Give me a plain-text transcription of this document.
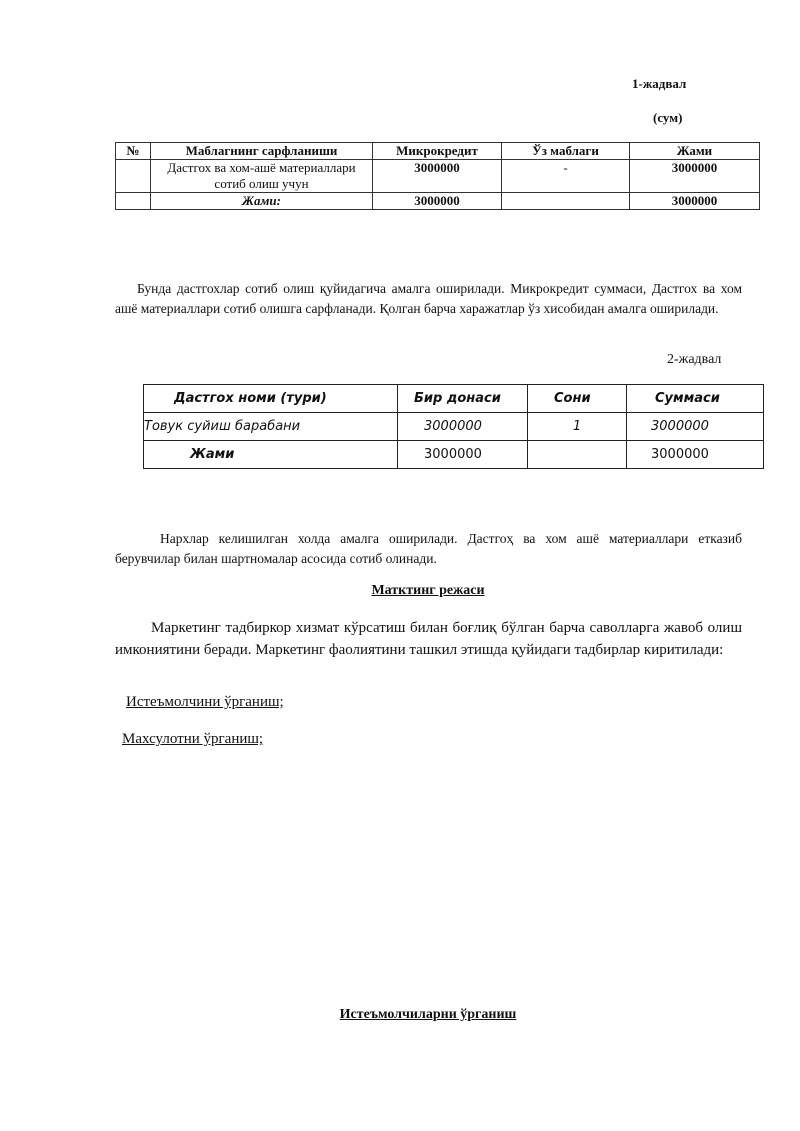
1-жадвал
(сум)
№	Маблагнинг сарфланиши	Микрокредит	Ўз маблаги	Жами
	Дастгох ва хом-ашё материаллари сотиб олиш учун	3000000	-	3000000
	Жами:	3000000		3000000
Бунда дастгохлар сотиб олиш қуйидагича амалга оширилади. Микрокредит суммаси, Дастгох ва хом ашё материаллари сотиб олишга сарфланади. Қолган барча харажатлар ўз хисобидан амалга оширилади.
2-жадвал
Дастгох номи (тури)	Бир донаси	Сони	Суммаси
Товук суйиш барабани	3000000	1	3000000
Жами	3000000		3000000
Нархлар келишилган холда амалга оширилади. Дастгоҳ ва хом ашё материаллари етказиб берувчилар билан шартномалар асосида сотиб олинади.
Матктинг режаси
Маркетинг тадбиркор хизмат кўрсатиш билан боғлиқ бўлган барча саволларга жавоб олиш имкониятини беради. Маркетинг фаолиятини ташкил этишда қуйидаги тадбирлар киритилади:
Истеъмолчини ўрганиш;
Махсулотни ўрганиш;
Истеъмолчиларни ўрганиш
